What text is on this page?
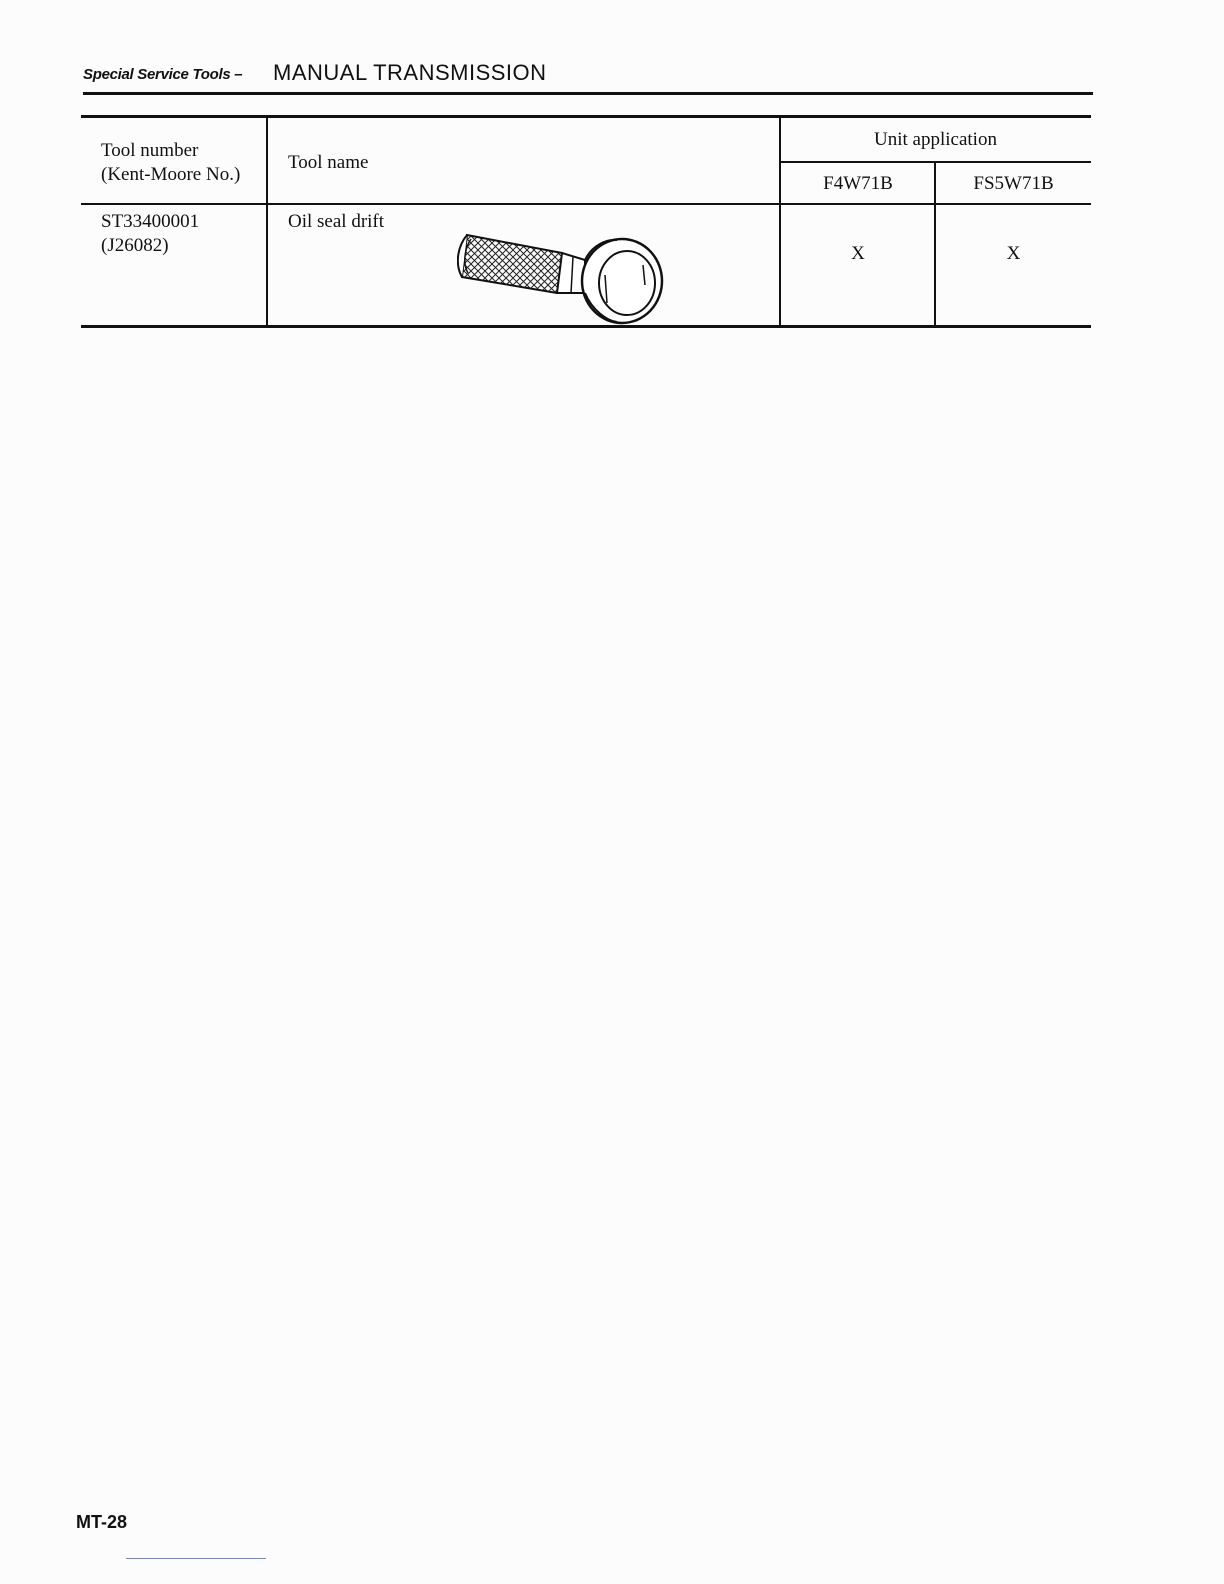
Special Service Tools – MANUAL TRANSMISSION
Tool number
(Kent-Moore No.)
Tool name
Unit application
F4W71B	FS5W71B
ST33400001
(J26082)
Oil seal drift
X	X
MT-28
